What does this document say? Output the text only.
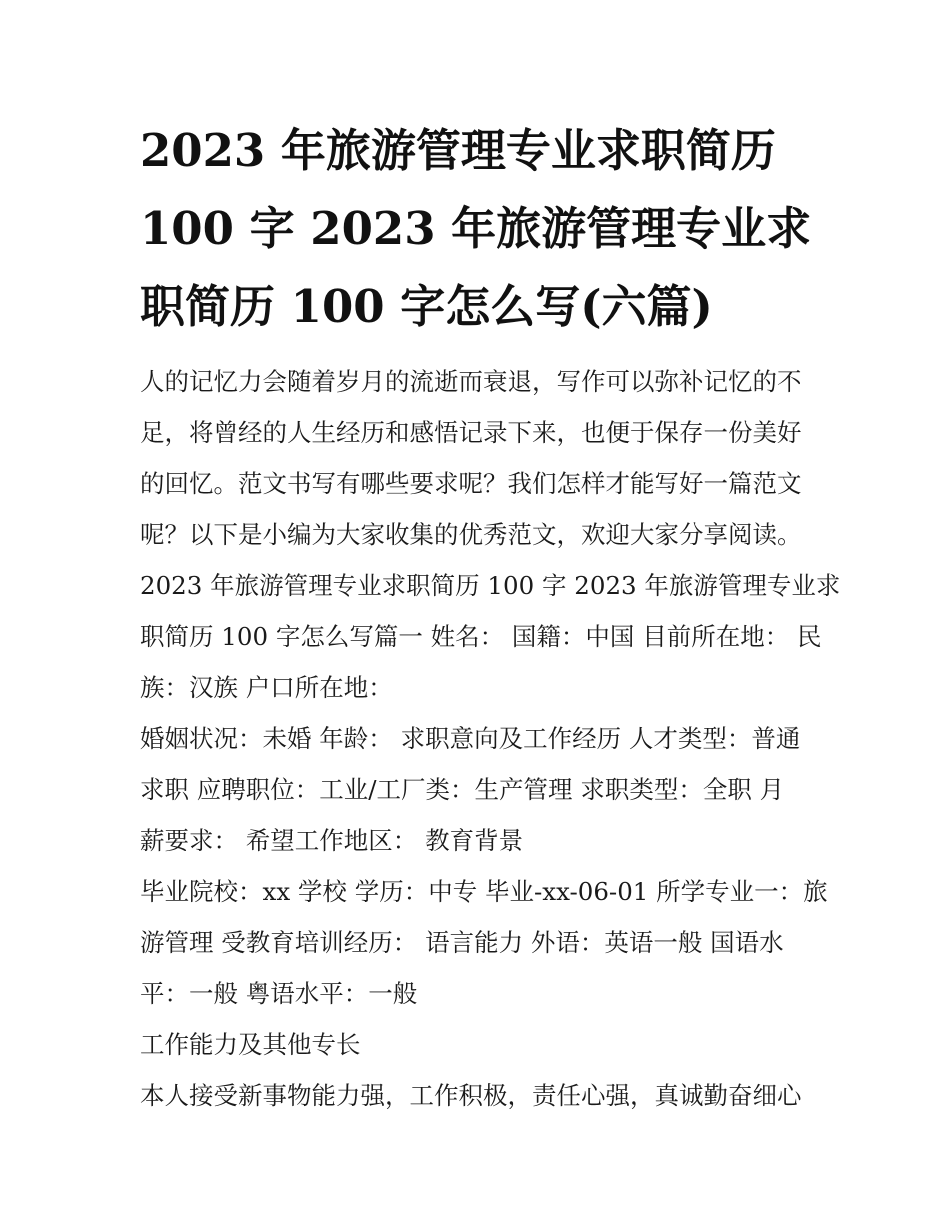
2023 年旅游管理专业求职简历
100 字 2023 年旅游管理专业求
职简历 100 字怎么写(六篇)
人的记忆力会随着岁月的流逝而衰退，写作可以弥补记忆的不
足，将曾经的人生经历和感悟记录下来，也便于保存一份美好
的回忆。范文书写有哪些要求呢？我们怎样才能写好一篇范文
呢？以下是小编为大家收集的优秀范文，欢迎大家分享阅读。
2023 年旅游管理专业求职简历 100 字 2023 年旅游管理专业求
职简历 100 字怎么写篇一 姓名： 国籍：中国 目前所在地： 民
族：汉族 户口所在地：
婚姻状况：未婚 年龄： 求职意向及工作经历 人才类型：普通
求职 应聘职位：工业/工厂类：生产管理 求职类型：全职 月
薪要求： 希望工作地区： 教育背景
毕业院校：xx 学校 学历：中专 毕业-xx-06-01 所学专业一：旅
游管理 受教育培训经历： 语言能力 外语：英语一般 国语水
平：一般 粤语水平：一般
工作能力及其他专长
本人接受新事物能力强，工作积极，责任心强，真诚勤奋细心
